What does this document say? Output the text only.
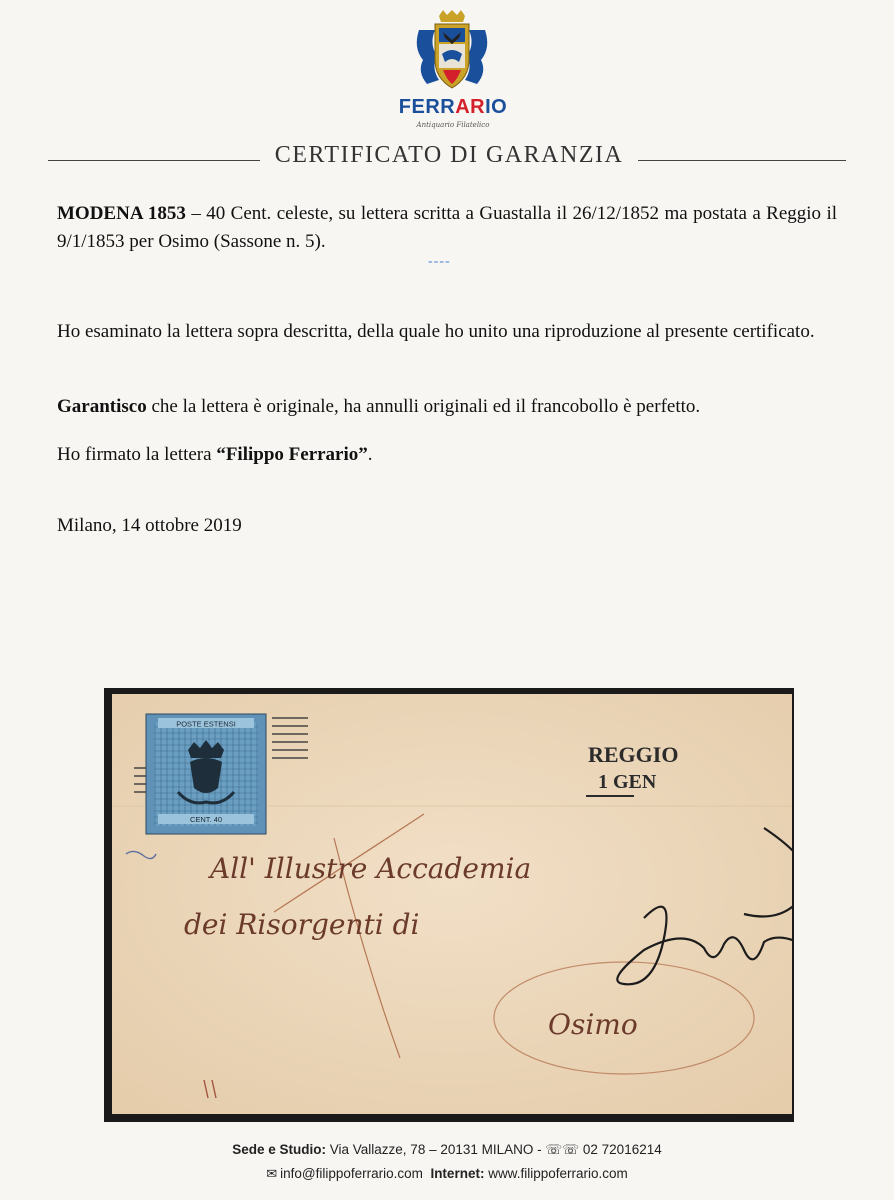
FERRARIO
Antiquario Filatelico
CERTIFICATO DI GARANZIA
MODENA 1853 – 40 Cent. celeste, su lettera scritta a Guastalla il 26/12/1852 ma postata a Reggio il 9/1/1853 per Osimo (Sassone n. 5).
----
Ho esaminato la lettera sopra descritta, della quale ho unito una riproduzione al presente certificato.
Garantisco che la lettera è originale, ha annulli originali ed il francobollo è perfetto.
Ho firmato la lettera “Filippo Ferrario”.
Milano, 14 ottobre 2019
POSTE ESTENSI
CENT. 40
REGGIO
1 GEN
All' Illustre Accademia
dei Risorgenti di
Osimo
Sede e Studio: Via Vallazze, 78 – 20131 MILANO - ☏☏ 02 72016214
✉ info@filippoferrario.com Internet: www.filippoferrario.com
